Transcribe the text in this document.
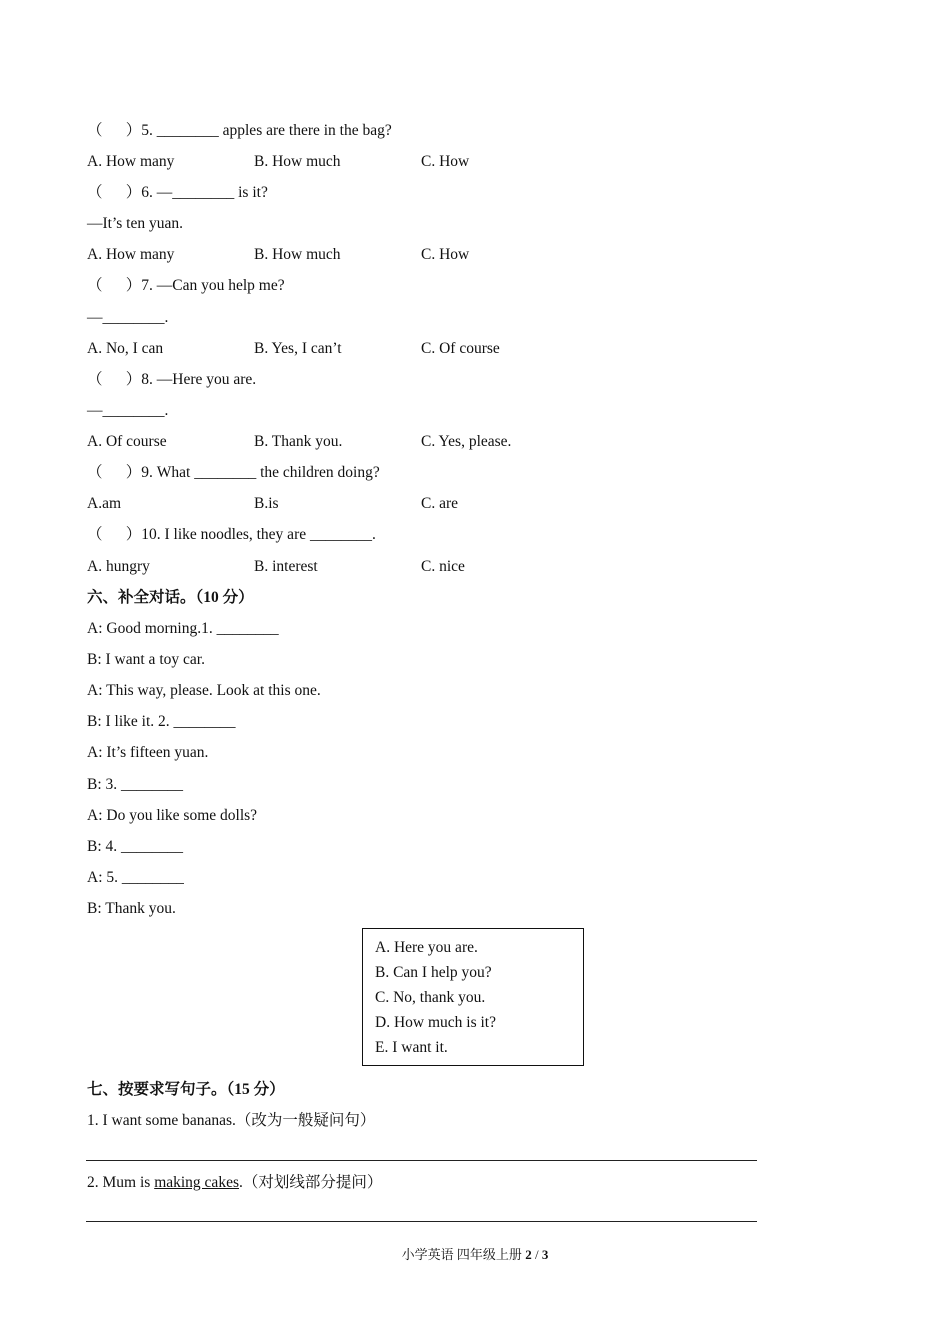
（　  ）5. ________ apples are there in the bag?
A. How many	B. How much	C. How
（　  ）6. —________ is it?
—It’s ten yuan.
A. How many	B. How much	C. How
（　  ）7. —Can you help me?
—________.
A. No, I can	B. Yes, I can’t	C. Of course
（　  ）8. —Here you are.
—________.
A. Of course	B. Thank you.	C. Yes, please.
（　  ）9. What ________ the children doing?
A.am	B.is	C. are
（　  ）10. I like noodles, they are ________.
A. hungry	B. interest	C. nice
六、补全对话。（10 分）
A: Good morning.1. ________
B: I want a toy car.
A: This way, please. Look at this one.
B: I like it. 2. ________
A: It’s fifteen yuan.
B: 3. ________
A: Do you like some dolls?
B: 4. ________
A: 5. ________
B: Thank you.
A. Here you are.
B. Can I help you?
C. No, thank you.
D. How much is it?
E. I want it.
七、按要求写句子。（15 分）
1. I want some bananas.（改为一般疑问句）
2. Mum is making cakes.（对划线部分提问）
小学英语 四年级上册 2 / 3
